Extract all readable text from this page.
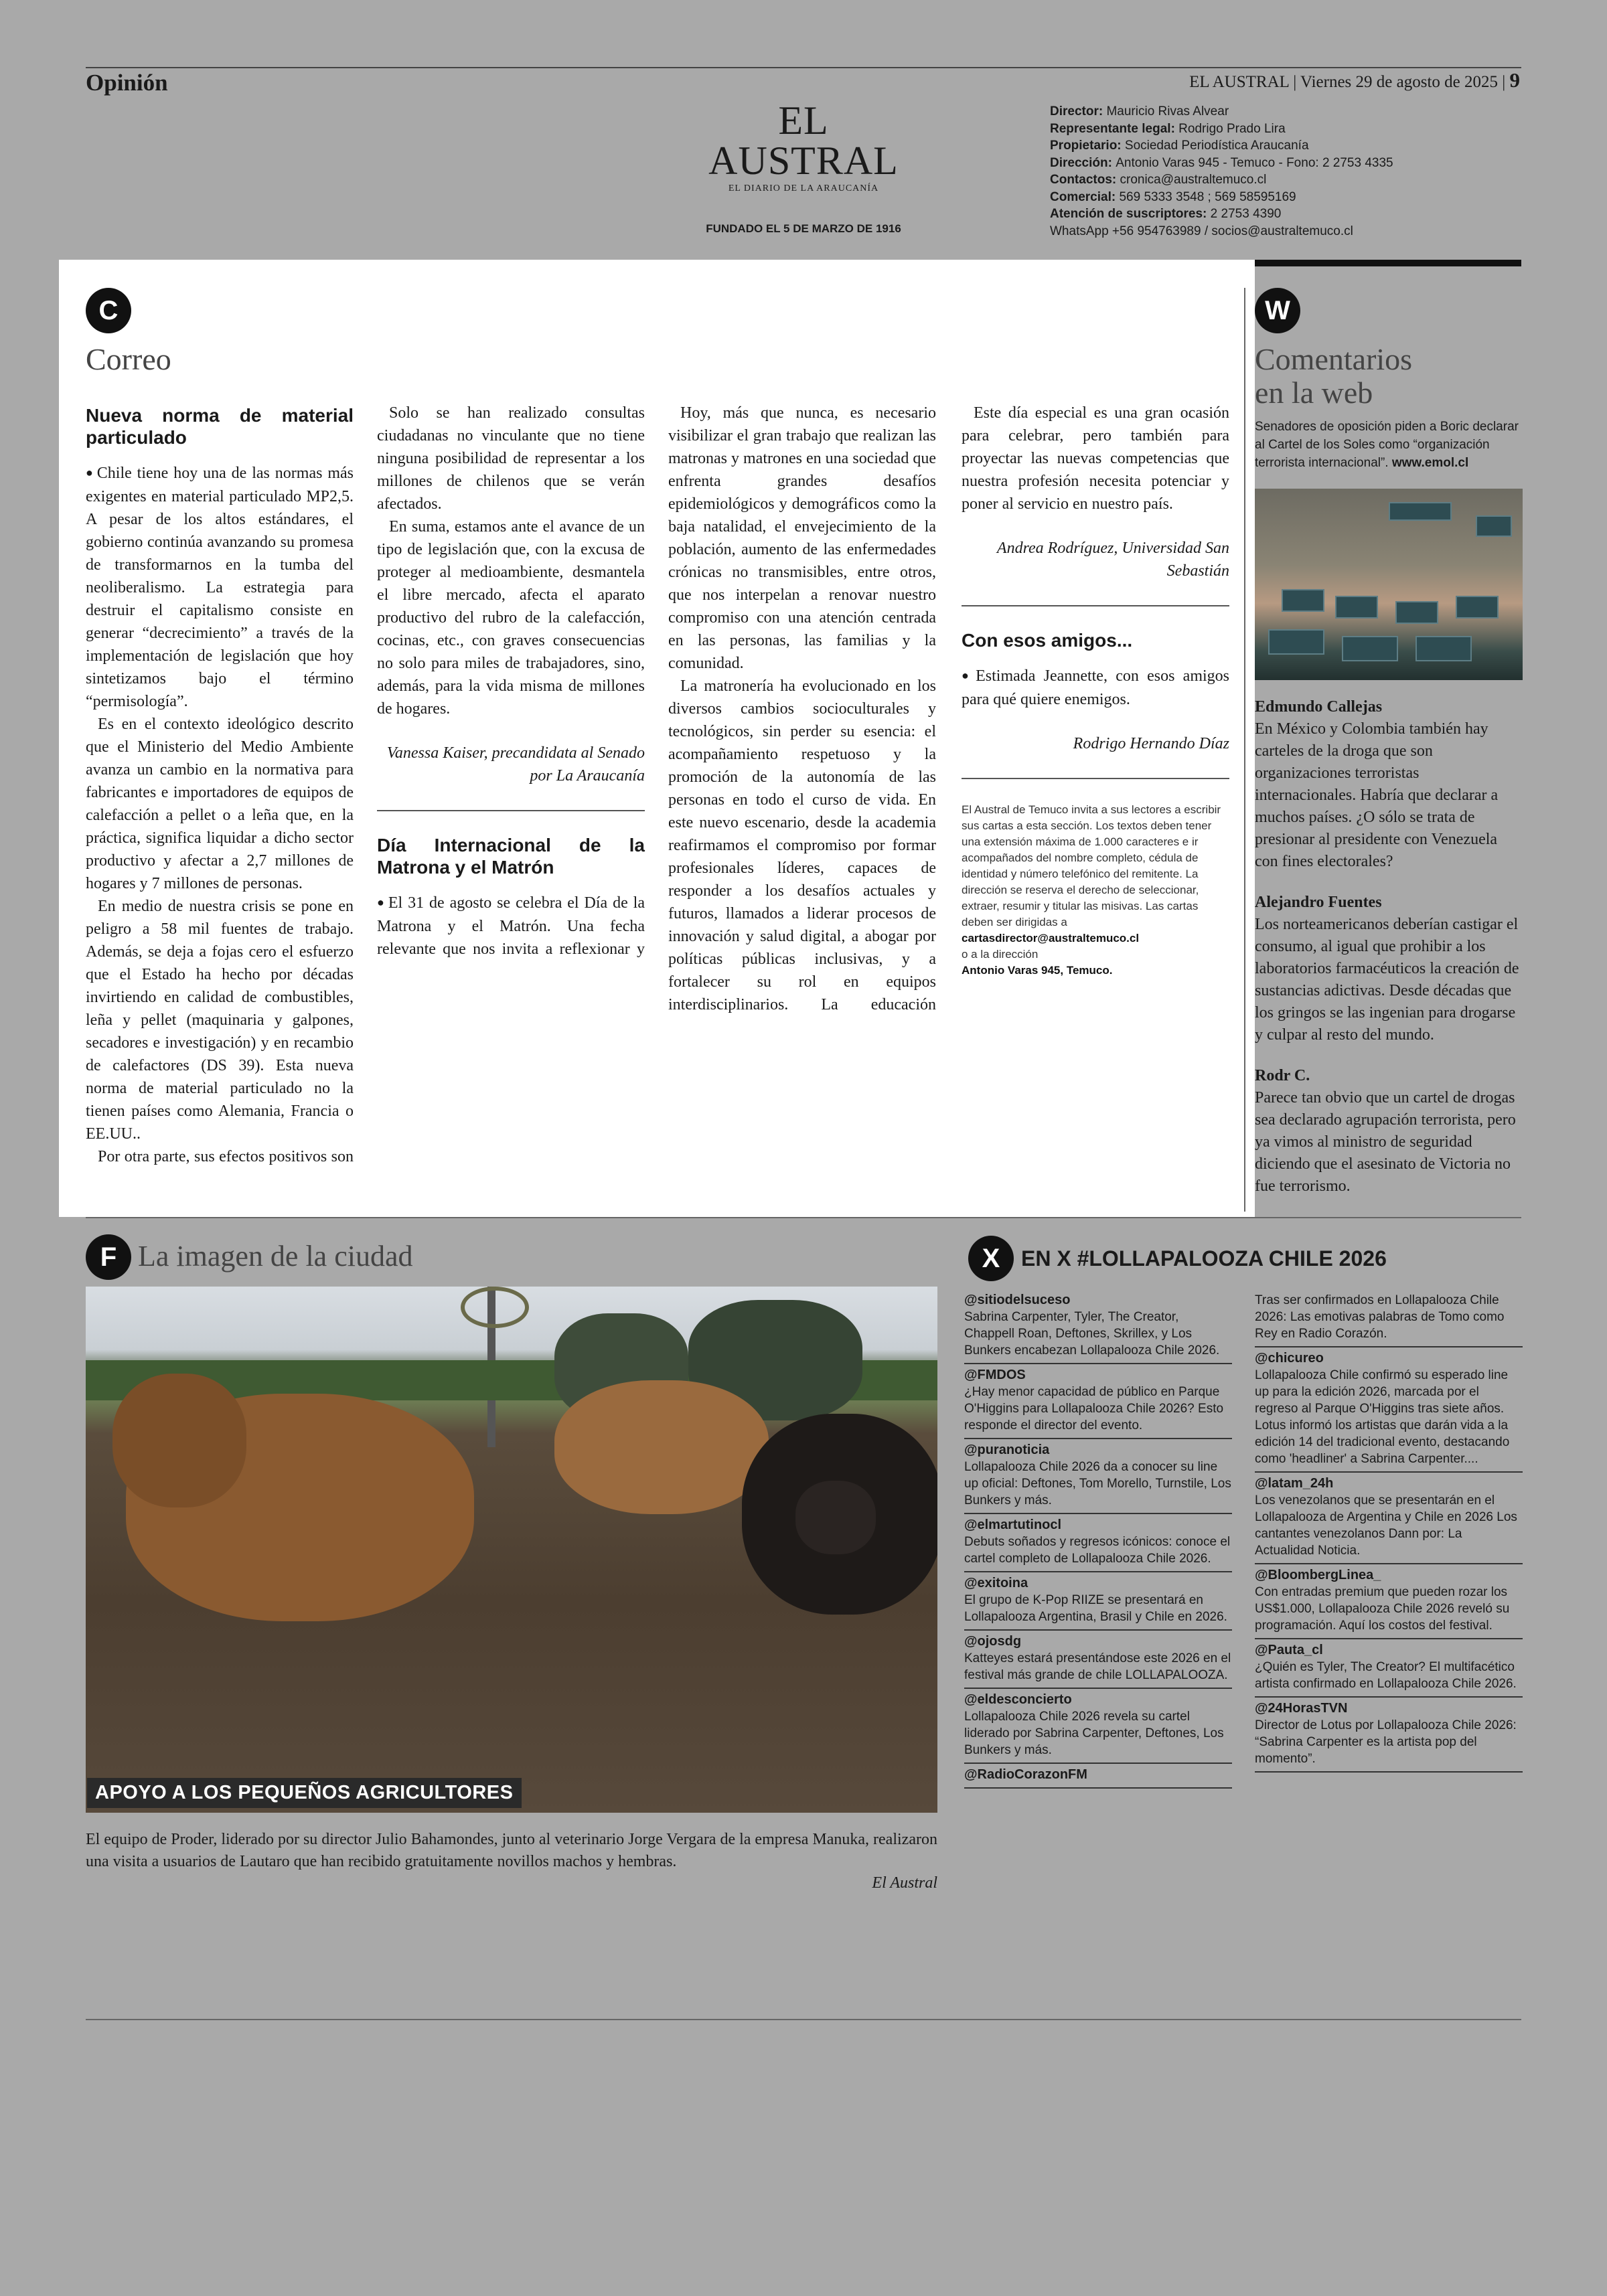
Opinión	EL AUSTRAL | Viernes 29 de agosto de 2025 | 9
EL AUSTRAL
EL DIARIO DE LA ARAUCANÍA
FUNDADO EL 5 DE MARZO DE 1916
Director: Mauricio Rivas Alvear
Representante legal: Rodrigo Prado Lira
Propietario: Sociedad Periodística Araucanía
Dirección: Antonio Varas 945 - Temuco - Fono: 2 2753 4335
Contactos: cronica@australtemuco.cl
Comercial: 569 5333 3548 ; 569 58595169
Atención de suscriptores: 2 2753 4390
WhatsApp +56 954763989 / socios@australtemuco.cl
C
Correo
Nueva norma de material particulado

● Chile tiene hoy una de las normas más exigentes en material particulado MP2,5. A pesar de los altos estándares, el gobierno continúa avanzando su promesa de transformarnos en la tumba del neoliberalismo. La estrategia para destruir el capitalismo consiste en generar “decrecimiento” a través de la implementación de legislación que hoy sintetizamos bajo el término “permisología”.

Es en el contexto ideológico descrito que el Ministerio del Medio Ambiente avanza un cambio en la normativa para fabricantes e importadores de equipos de calefacción a pellet o a leña que, en la práctica, significa liquidar a dicho sector productivo y afectar a 2,7 millones de hogares y 7 millones de personas.

En medio de nuestra crisis se pone en peligro a 58 mil fuentes de trabajo. Además, se deja a fojas cero el esfuerzo que el Estado ha hecho por décadas invirtiendo en calidad de combustibles, leña y pellet (maquinaria y galpones, secadores e investigación) y en recambio de calefactores (DS 39). Esta nueva norma de material particulado no la tienen países como Alemania, Francia o EE.UU..

Por otra parte, sus efectos positivos son

Solo se han realizado consultas ciudadanas no vinculante que no tiene ninguna posibilidad de representar a los millones de chilenos que se verán afectados.

En suma, estamos ante el avance de un tipo de legislación que, con la excusa de proteger al medioambiente, desmantela el libre mercado, afecta el aparato productivo del rubro de la calefacción, cocinas, etc., con graves consecuencias no solo para miles de trabajadores, sino, además, para la vida misma de millones de hogares.

Vanessa Kaiser, precandidata al Senado por La Araucanía

Día Internacional de la Matrona y el Matrón

● El 31 de agosto se celebra el Día de la Matrona y el Matrón. Una fecha relevante que nos invita a reflexionar y

Hoy, más que nunca, es necesario visibilizar el gran trabajo que realizan las matronas y matrones en una sociedad que enfrenta grandes desafíos epidemiológicos y demográficos como la baja natalidad, el envejecimiento de la población, aumento de las enfermedades crónicas no transmisibles, entre otros, que nos interpelan a renovar nuestro compromiso con una atención centrada en las personas, las familias y la comunidad.

La matronería ha evolucionado en los diversos cambios socioculturales y tecnológicos, sin perder su esencia: el acompañamiento respetuoso y la promoción de la autonomía de las personas en todo el curso de vida. En este nuevo escenario, desde la academia reafirmamos el compromiso por formar profesionales líderes, capaces de responder a los desafíos actuales y futuros, llamados a liderar procesos de innovación y salud digital, a abogar por políticas públicas inclusivas, y a fortalecer su rol en equipos interdisciplinarios. La educación

Este día especial es una gran ocasión para celebrar, pero también para proyectar las nuevas competencias que nuestra profesión necesita potenciar y poner al servicio en nuestro país.

Andrea Rodríguez, Universidad San Sebastián

Con esos amigos...

● Estimada Jeannette, con esos amigos para qué quiere enemigos.

Rodrigo Hernando Díaz

El Austral de Temuco invita a sus lectores a escribir sus cartas a esta sección. Los textos deben tener una extensión máxima de 1.000 caracteres e ir acompañados del nombre completo, cédula de identidad y número telefónico del remitente. La dirección se reserva el derecho de seleccionar, extraer, resumir y titular las misivas. Las cartas deben ser dirigidas a

cartasdirector@australtemuco.cl

o a la dirección

Antonio Varas 945, Temuco.

W
Comentarios
en la web
Senadores de oposición piden a Boric declarar al Cartel de los Soles como “organización terrorista internacional”. www.emol.cl

Edmundo Callejas

En México y Colombia también hay carteles de la droga que son organizaciones terroristas internacionales. Habría que declarar a muchos países. ¿O sólo se trata de presionar al presidente con Venezuela con fines electorales?

Alejandro Fuentes

Los norteamericanos deberían castigar el consumo, al igual que prohibir a los laboratorios farmacéuticos la creación de sustancias adictivas. Desde décadas que los gringos se las ingenian para drogarse y culpar al resto del mundo.

Rodr C.

Parece tan obvio que un cartel de drogas sea declarado agrupación terrorista, pero ya vimos al ministro de seguridad diciendo que el asesinato de Victoria no fue terrorismo.

F La imagen de la ciudad
APOYO A LOS PEQUEÑOS AGRICULTORES
El equipo de Proder, liderado por su director Julio Bahamondes, junto al veterinario Jorge Vergara de la empresa Manuka, realizaron una visita a usuarios de Lautaro que han recibido gratuitamente novillos machos y hembras.
El Austral
X EN X #LOLLAPALOOZA CHILE 2026
@sitiodelsuceso
Sabrina Carpenter, Tyler, The Creator, Chappell Roan, Deftones, Skrillex, y Los Bunkers encabezan Lollapalooza Chile 2026.
@FMDOS
¿Hay menor capacidad de público en Parque O'Higgins para Lollapalooza Chile 2026? Esto responde el director del evento.
@puranoticia
Lollapalooza Chile 2026 da a conocer su line up oficial: Deftones, Tom Morello, Turnstile, Los Bunkers y más.
@elmartutinocl
Debuts soñados y regresos icónicos: conoce el cartel completo de Lollapalooza Chile 2026.
@exitoina
El grupo de K-Pop RIIZE se presentará en Lollapalooza Argentina, Brasil y Chile en 2026.
@ojosdg
Katteyes estará presentándose este 2026 en el festival más grande de chile LOLLAPALOOZA.
@eldesconcierto
Lollapalooza Chile 2026 revela su cartel liderado por Sabrina Carpenter, Deftones, Los Bunkers y más.
@RadioCorazonFM
Tras ser confirmados en Lollapalooza Chile 2026: Las emotivas palabras de Tomo como Rey en Radio Corazón.
@chicureo
Lollapalooza Chile confirmó su esperado line up para la edición 2026, marcada por el regreso al Parque O'Higgins tras siete años. Lotus informó los artistas que darán vida a la edición 14 del tradicional evento, destacando como 'headliner' a Sabrina Carpenter....
@latam_24h
Los venezolanos que se presentarán en el Lollapalooza de Argentina y Chile en 2026 Los cantantes venezolanos Dann por: La Actualidad Noticia.
@BloombergLinea_
Con entradas premium que pueden rozar los US$1.000, Lollapalooza Chile 2026 reveló su programación. Aquí los costos del festival.
@Pauta_cl
¿Quién es Tyler, The Creator? El multifacético artista confirmado en Lollapalooza Chile 2026.
@24HorasTVN
Director de Lotus por Lollapalooza Chile 2026: “Sabrina Carpenter es la artista pop del momento”.
